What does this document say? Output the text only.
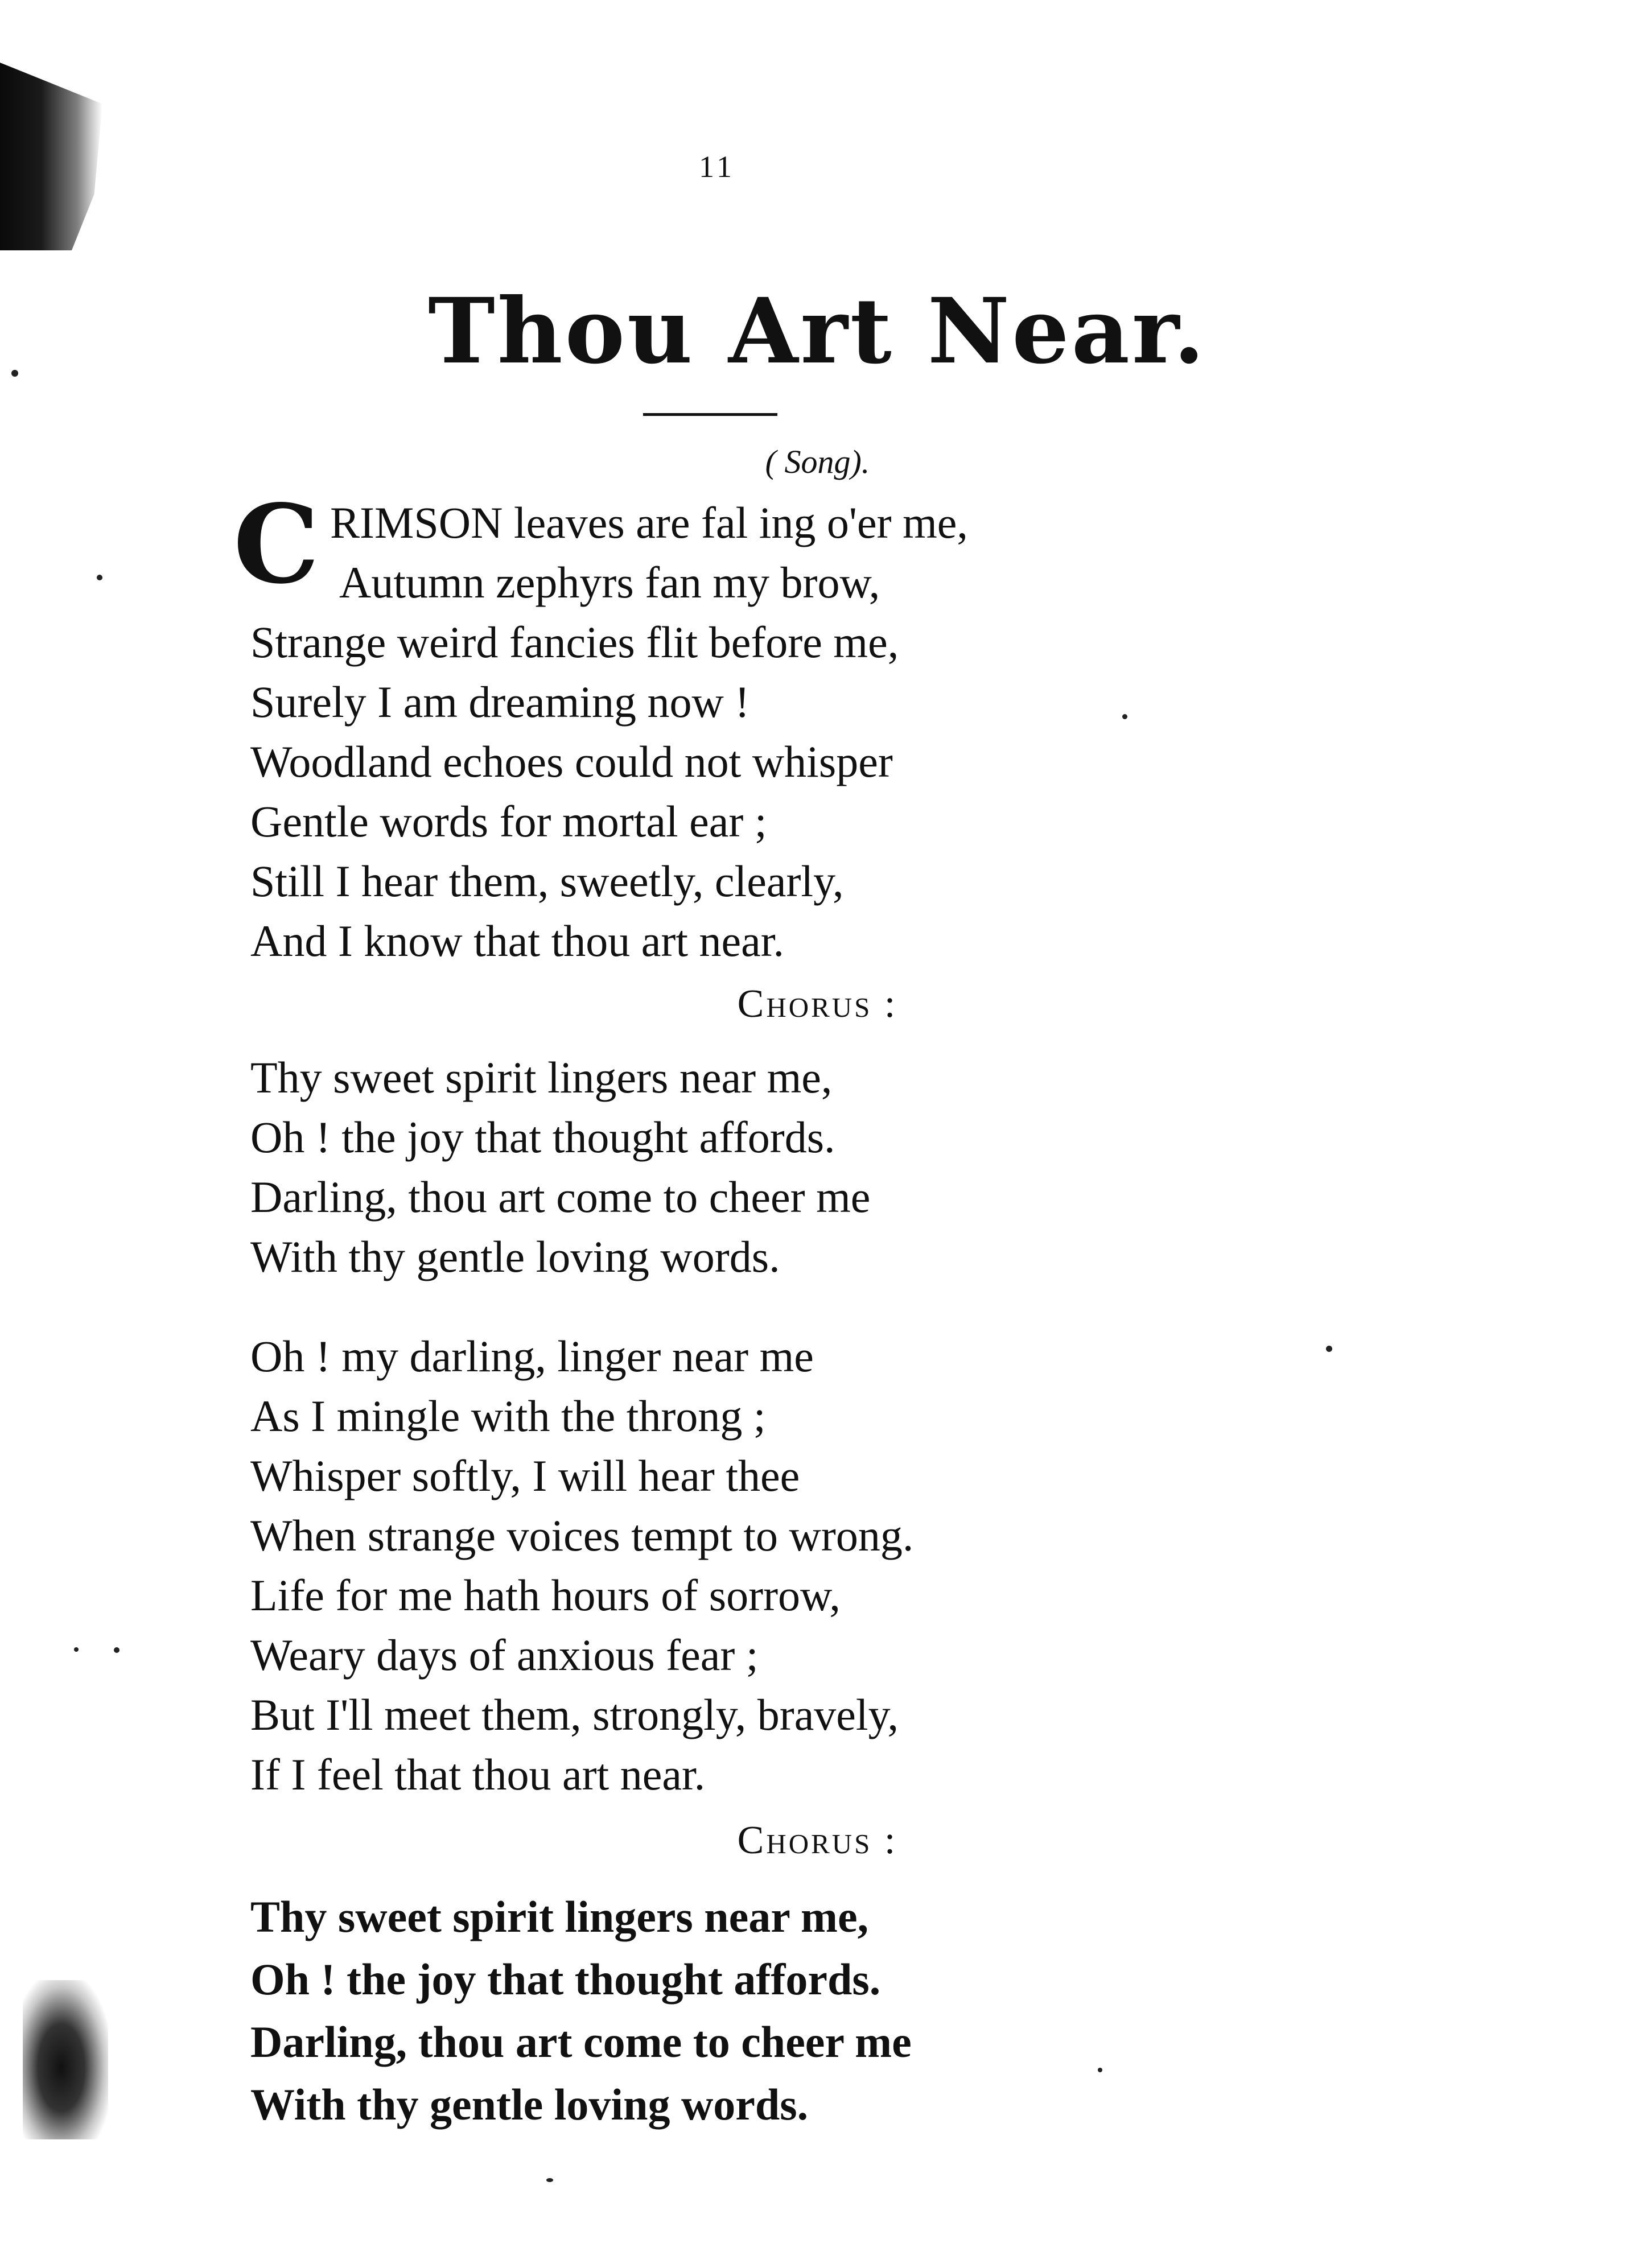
11
Thou Art Near.
( Song).
C RIMSON leaves are fal ing o'er me,
Autumn zephyrs fan my brow,
Strange weird fancies flit before me,
Surely I am dreaming now !
Woodland echoes could not whisper
Gentle words for mortal ear ;
Still I hear them, sweetly, clearly,
And I know that thou art near.
Chorus :
Thy sweet spirit lingers near me,
Oh ! the joy that thought affords.
Darling, thou art come to cheer me
With thy gentle loving words.
Oh ! my darling, linger near me
As I mingle with the throng ;
Whisper softly, I will hear thee
When strange voices tempt to wrong.
Life for me hath hours of sorrow,
Weary days of anxious fear ;
But I'll meet them, strongly, bravely,
If I feel that thou art near.
Chorus :
Thy sweet spirit lingers near me,
Oh ! the joy that thought affords.
Darling, thou art come to cheer me
With thy gentle loving words.
